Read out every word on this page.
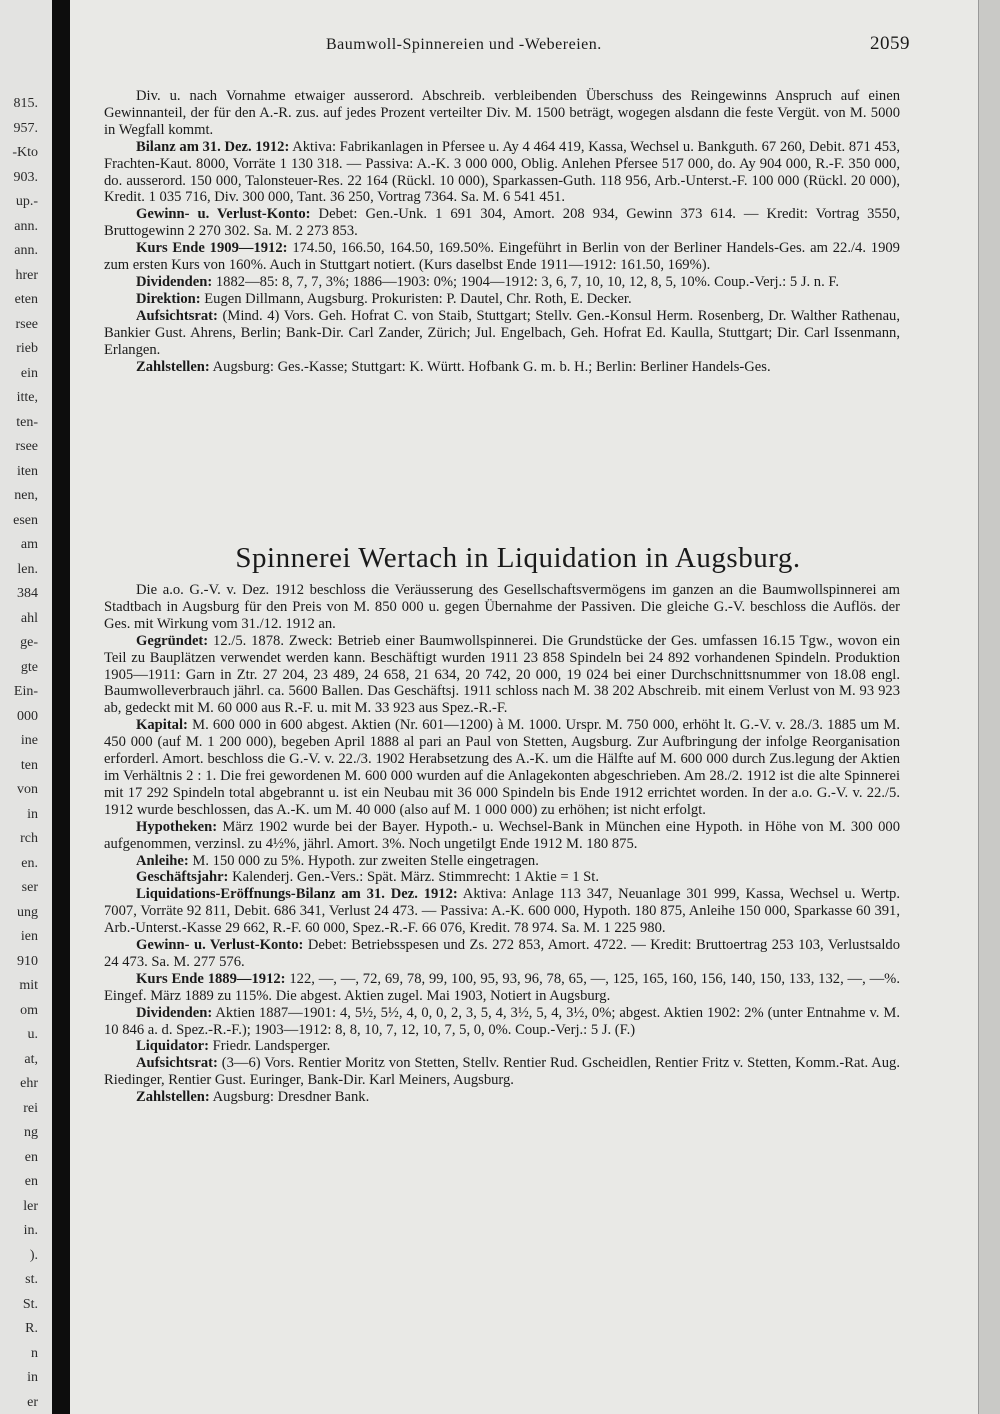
815.
957.
-Kto
903.
up.-
ann.
ann.
hrer
eten
rsee
rieb
ein
itte,
ten-
rsee
iten
nen,
esen
am
len.
384
ahl
ge-
gte
Ein-
000
ine
ten
von
in
rch
en.
ser
ung
ien
910
mit
om
u.
at,
ehr
rei
ng
en
en
ler
in.
).
st.
St.
R.
n
in
er
Baumwoll-Spinnereien und -Webereien.	2059

Div. u. nach Vornahme etwaiger ausserord. Abschreib. verbleibenden Überschuss des Reingewinns Anspruch auf einen Gewinnanteil, der für den A.-R. zus. auf jedes Prozent verteilter Div. M. 1500 beträgt, wogegen alsdann die feste Vergüt. von M. 5000 in Wegfall kommt.

Bilanz am 31. Dez. 1912: Aktiva: Fabrikanlagen in Pfersee u. Ay 4 464 419, Kassa, Wechsel u. Bankguth. 67 260, Debit. 871 453, Frachten-Kaut. 8000, Vorräte 1 130 318. — Passiva: A.-K. 3 000 000, Oblig. Anlehen Pfersee 517 000, do. Ay 904 000, R.-F. 350 000, do. ausserord. 150 000, Talonsteuer-Res. 22 164 (Rückl. 10 000), Sparkassen-Guth. 118 956, Arb.-Unterst.-F. 100 000 (Rückl. 20 000), Kredit. 1 035 716, Div. 300 000, Tant. 36 250, Vortrag 7364. Sa. M. 6 541 451.

Gewinn- u. Verlust-Konto: Debet: Gen.-Unk. 1 691 304, Amort. 208 934, Gewinn 373 614. — Kredit: Vortrag 3550, Bruttogewinn 2 270 302. Sa. M. 2 273 853.

Kurs Ende 1909—1912: 174.50, 166.50, 164.50, 169.50%. Eingeführt in Berlin von der Berliner Handels-Ges. am 22./4. 1909 zum ersten Kurs von 160%. Auch in Stuttgart notiert. (Kurs daselbst Ende 1911—1912: 161.50, 169%).

Dividenden: 1882—85: 8, 7, 7, 3%; 1886—1903: 0%; 1904—1912: 3, 6, 7, 10, 10, 12, 8, 5, 10%. Coup.-Verj.: 5 J. n. F.

Direktion: Eugen Dillmann, Augsburg. Prokuristen: P. Dautel, Chr. Roth, E. Decker.

Aufsichtsrat: (Mind. 4) Vors. Geh. Hofrat C. von Staib, Stuttgart; Stellv. Gen.-Konsul Herm. Rosenberg, Dr. Walther Rathenau, Bankier Gust. Ahrens, Berlin; Bank-Dir. Carl Zander, Zürich; Jul. Engelbach, Geh. Hofrat Ed. Kaulla, Stuttgart; Dir. Carl Issenmann, Erlangen.

Zahlstellen: Augsburg: Ges.-Kasse; Stuttgart: K. Württ. Hofbank G. m. b. H.; Berlin: Berliner Handels-Ges.

Spinnerei Wertach in Liquidation in Augsburg.

Die a.o. G.-V. v. Dez. 1912 beschloss die Veräusserung des Gesellschaftsvermögens im ganzen an die Baumwollspinnerei am Stadtbach in Augsburg für den Preis von M. 850 000 u. gegen Übernahme der Passiven. Die gleiche G.-V. beschloss die Auflös. der Ges. mit Wirkung vom 31./12. 1912 an.

Gegründet: 12./5. 1878. Zweck: Betrieb einer Baumwollspinnerei. Die Grundstücke der Ges. umfassen 16.15 Tgw., wovon ein Teil zu Bauplätzen verwendet werden kann. Beschäftigt wurden 1911 23 858 Spindeln bei 24 892 vorhandenen Spindeln. Produktion 1905—1911: Garn in Ztr. 27 204, 23 489, 24 658, 21 634, 20 742, 20 000, 19 024 bei einer Durchschnittsnummer von 18.08 engl. Baumwolleverbrauch jährl. ca. 5600 Ballen. Das Geschäftsj. 1911 schloss nach M. 38 202 Abschreib. mit einem Verlust von M. 93 923 ab, gedeckt mit M. 60 000 aus R.-F. u. mit M. 33 923 aus Spez.-R.-F.

Kapital: M. 600 000 in 600 abgest. Aktien (Nr. 601—1200) à M. 1000. Urspr. M. 750 000, erhöht lt. G.-V. v. 28./3. 1885 um M. 450 000 (auf M. 1 200 000), begeben April 1888 al pari an Paul von Stetten, Augsburg. Zur Aufbringung der infolge Reorganisation erforderl. Amort. beschloss die G.-V. v. 22./3. 1902 Herabsetzung des A.-K. um die Hälfte auf M. 600 000 durch Zus.legung der Aktien im Verhältnis 2 : 1. Die frei gewordenen M. 600 000 wurden auf die Anlagekonten abgeschrieben. Am 28./2. 1912 ist die alte Spinnerei mit 17 292 Spindeln total abgebrannt u. ist ein Neubau mit 36 000 Spindeln bis Ende 1912 errichtet worden. In der a.o. G.-V. v. 22./5. 1912 wurde beschlossen, das A.-K. um M. 40 000 (also auf M. 1 000 000) zu erhöhen; ist nicht erfolgt.

Hypotheken: März 1902 wurde bei der Bayer. Hypoth.- u. Wechsel-Bank in München eine Hypoth. in Höhe von M. 300 000 aufgenommen, verzinsl. zu 4½%, jährl. Amort. 3%. Noch ungetilgt Ende 1912 M. 180 875.

Anleihe: M. 150 000 zu 5%. Hypoth. zur zweiten Stelle eingetragen.

Geschäftsjahr: Kalenderj. Gen.-Vers.: Spät. März. Stimmrecht: 1 Aktie = 1 St.

Liquidations-Eröffnungs-Bilanz am 31. Dez. 1912: Aktiva: Anlage 113 347, Neuanlage 301 999, Kassa, Wechsel u. Wertp. 7007, Vorräte 92 811, Debit. 686 341, Verlust 24 473. — Passiva: A.-K. 600 000, Hypoth. 180 875, Anleihe 150 000, Sparkasse 60 391, Arb.-Unterst.-Kasse 29 662, R.-F. 60 000, Spez.-R.-F. 66 076, Kredit. 78 974. Sa. M. 1 225 980.

Gewinn- u. Verlust-Konto: Debet: Betriebsspesen und Zs. 272 853, Amort. 4722. — Kredit: Bruttoertrag 253 103, Verlustsaldo 24 473. Sa. M. 277 576.

Kurs Ende 1889—1912: 122, —, —, 72, 69, 78, 99, 100, 95, 93, 96, 78, 65, —, 125, 165, 160, 156, 140, 150, 133, 132, —, —%. Eingef. März 1889 zu 115%. Die abgest. Aktien zugel. Mai 1903, Notiert in Augsburg.

Dividenden: Aktien 1887—1901: 4, 5½, 5½, 4, 0, 0, 2, 3, 5, 4, 3½, 5, 4, 3½, 0%; abgest. Aktien 1902: 2% (unter Entnahme v. M. 10 846 a. d. Spez.-R.-F.); 1903—1912: 8, 8, 10, 7, 12, 10, 7, 5, 0, 0%. Coup.-Verj.: 5 J. (F.)

Liquidator: Friedr. Landsperger.

Aufsichtsrat: (3—6) Vors. Rentier Moritz von Stetten, Stellv. Rentier Rud. Gscheidlen, Rentier Fritz v. Stetten, Komm.-Rat. Aug. Riedinger, Rentier Gust. Euringer, Bank-Dir. Karl Meiners, Augsburg.

Zahlstellen: Augsburg: Dresdner Bank.
